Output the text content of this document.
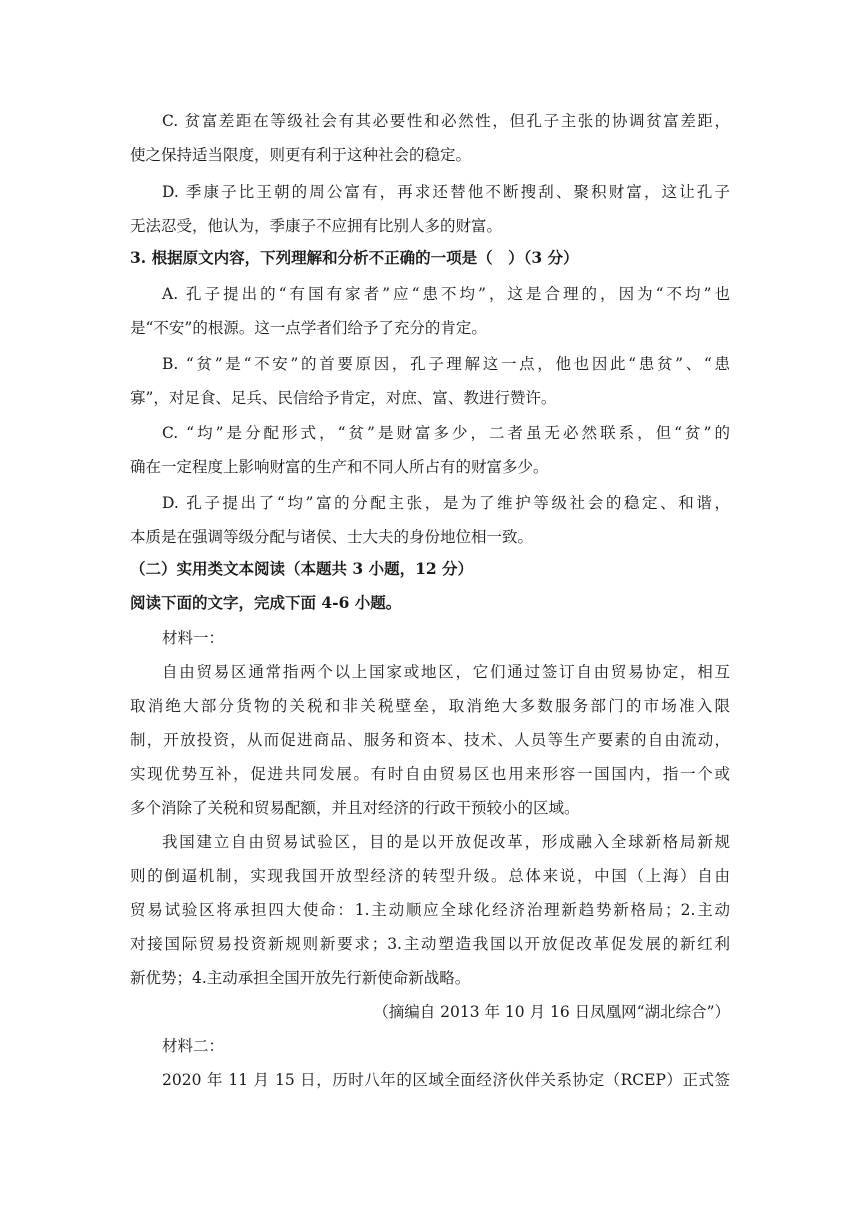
C. 贫富差距在等级社会有其必要性和必然性，但孔子主张的协调贫富差距，
使之保持适当限度，则更有利于这种社会的稳定。
D. 季康子比王朝的周公富有，再求还替他不断搜刮、聚积财富，这让孔子
无法忍受，他认为，季康子不应拥有比别人多的财富。
3. 根据原文内容，下列理解和分析不正确的一项是（　）（3 分）
A. 孔子提出的“有国有家者”应“患不均”，这是合理的，因为“不均”也
是“不安”的根源。这一点学者们给予了充分的肯定。
B. “贫”是“不安”的首要原因，孔子理解这一点，他也因此“患贫”、“患
寡”，对足食、足兵、民信给予肯定，对庶、富、教进行赞许。
C. “均”是分配形式，“贫”是财富多少，二者虽无必然联系，但“贫”的
确在一定程度上影响财富的生产和不同人所占有的财富多少。
D. 孔子提出了“均”富的分配主张，是为了维护等级社会的稳定、和谐，
本质是在强调等级分配与诸侯、士大夫的身份地位相一致。
（二）实用类文本阅读（本题共 3 小题，12 分）
阅读下面的文字，完成下面 4-6 小题。
材料一：
自由贸易区通常指两个以上国家或地区，它们通过签订自由贸易协定，相互
取消绝大部分货物的关税和非关税壁垒，取消绝大多数服务部门的市场准入限
制，开放投资，从而促进商品、服务和资本、技术、人员等生产要素的自由流动，
实现优势互补，促进共同发展。有时自由贸易区也用来形容一国国内，指一个或
多个消除了关税和贸易配额，并且对经济的行政干预较小的区域。
我国建立自由贸易试验区，目的是以开放促改革，形成融入全球新格局新规
则的倒逼机制，实现我国开放型经济的转型升级。总体来说，中国（上海）自由
贸易试验区将承担四大使命：1.主动顺应全球化经济治理新趋势新格局；2.主动
对接国际贸易投资新规则新要求；3.主动塑造我国以开放促改革促发展的新红利
新优势；4.主动承担全国开放先行新使命新战略。
（摘编自 2013 年 10 月 16 日凤凰网“湖北综合”）
材料二：
2020 年 11 月 15 日，历时八年的区域全面经济伙伴关系协定（RCEP）正式签
